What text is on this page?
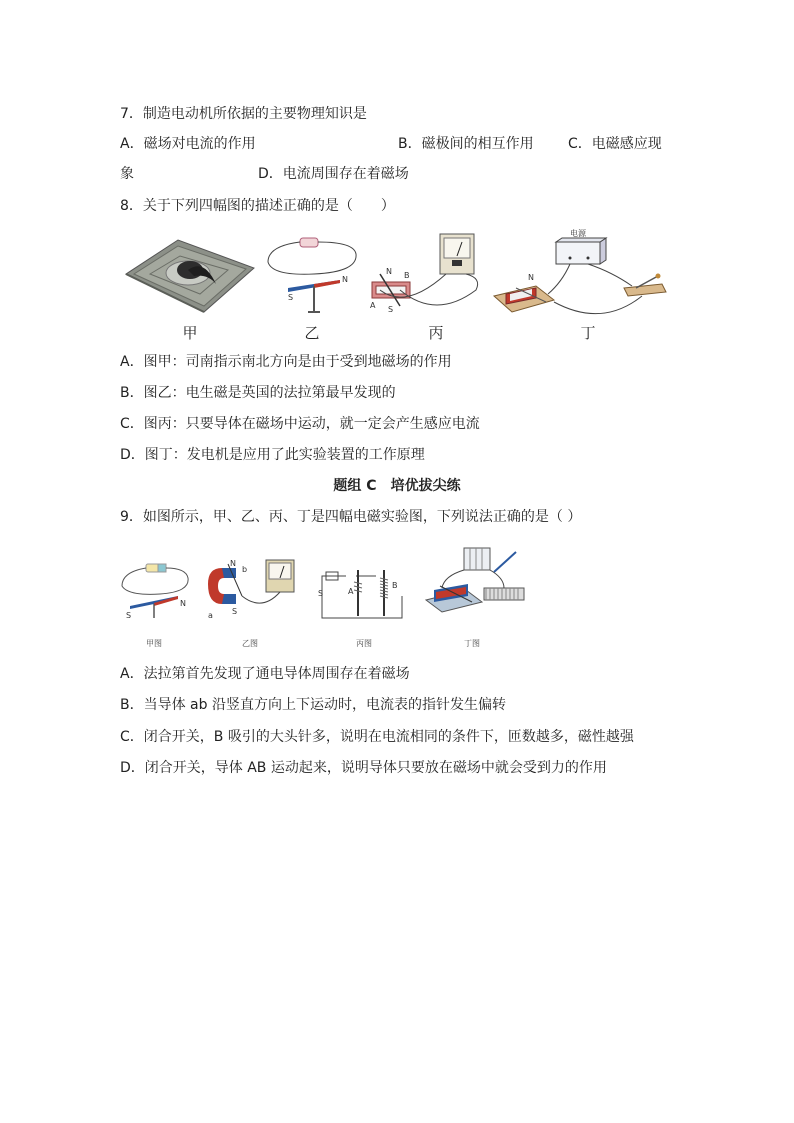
7．制造电动机所依据的主要物理知识是
A．磁场对电流的作用	B．磁极间的相互作用 C．电磁感应现
象	D．电流周围存在着磁场
8．关于下列四幅图的描述正确的是（　　）
甲
S
N
乙
N B
A S
丙
电源
N
丁
A．图甲：司南指示南北方向是由于受到地磁场的作用
B．图乙：电生磁是英国的法拉第最早发现的
C．图丙：只要导体在磁场中运动，就一定会产生感应电流
D．图丁：发电机是应用了此实验装置的工作原理
题组 C　培优拔尖练
9．如图所示，甲、乙、丙、丁是四幅电磁实验图，下列说法正确的是（ ）
S
N
甲图
N
S
a
b
乙图
S	A
B
丙图	丁图
A．法拉第首先发现了通电导体周围存在着磁场
B．当导体 ab 沿竖直方向上下运动时，电流表的指针发生偏转
C．闭合开关，B 吸引的大头针多，说明在电流相同的条件下，匝数越多，磁性越强
D．闭合开关，导体 AB 运动起来，说明导体只要放在磁场中就会受到力的作用
